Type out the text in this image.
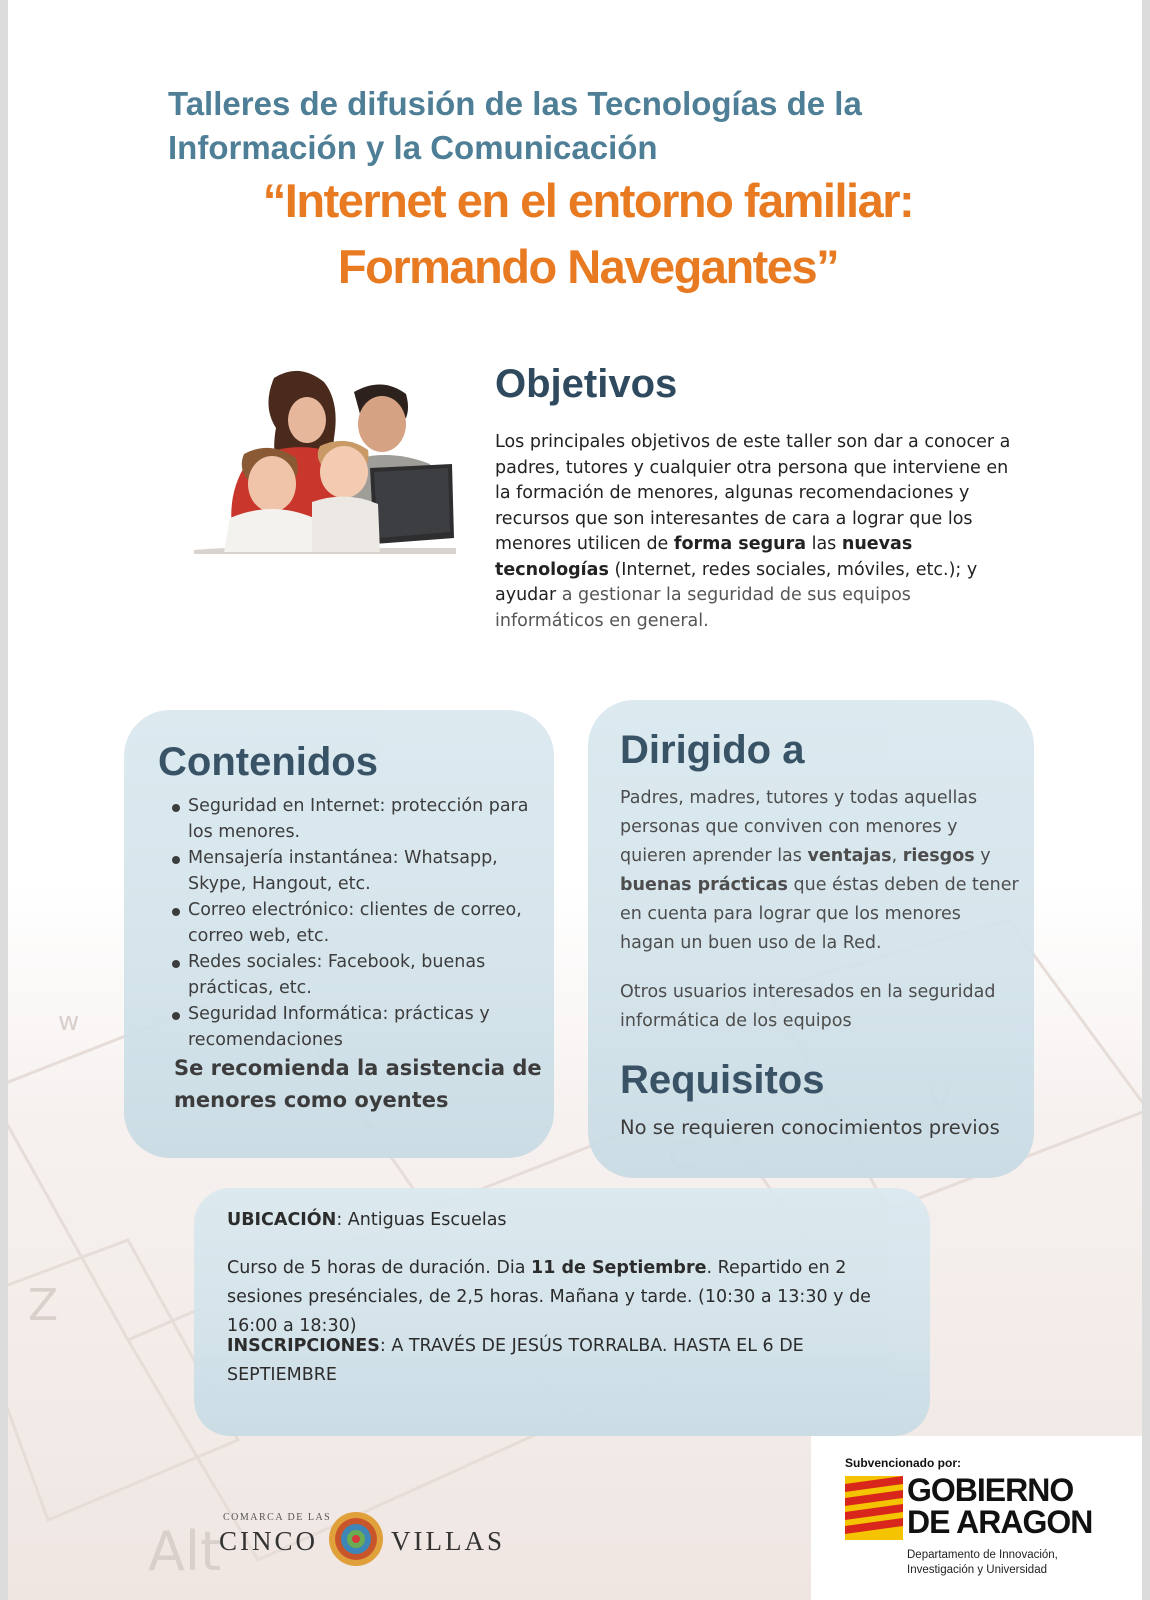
w
Z
Alt
Talleres de difusión de las Tecnologías de la
Información y la Comunicación
“Internet en el entorno familiar:
Formando Navegantes”
Objetivos
Los principales objetivos de este taller son dar a conocer a padres, tutores y cualquier otra persona que interviene en la formación de menores, algunas recomendaciones y recursos que son interesantes de cara a lograr que los menores utilicen de forma segura las nuevas tecnologías (Internet, redes sociales, móviles, etc.); y ayudar a gestionar la seguridad de sus equipos informáticos en general.
Contenidos
Seguridad en Internet: protección para los menores.
Mensajería instantánea: Whatsapp, Skype, Hangout, etc.
Correo electrónico: clientes de correo, correo web, etc.
Redes sociales: Facebook, buenas prácticas, etc.
Seguridad Informática: prácticas y recomendaciones
Se recomienda la asistencia de menores como oyentes
Dirigido a
Padres, madres, tutores y todas aquellas personas que conviven con menores y quieren aprender las ventajas, riesgos y buenas prácticas que éstas deben de tener en cuenta para lograr que los menores hagan un buen uso de la Red.
Otros usuarios interesados en la seguridad informática de los equipos
Requisitos
No se requieren conocimientos previos
UBICACIÓN: Antiguas Escuelas
Curso de 5 horas de duración. Dia 11 de Septiembre. Repartido en 2 sesiones presénciales, de 2,5 horas. Mañana y tarde. (10:30 a 13:30 y de 16:00 a 18:30)
INSCRIPCIONES: A TRAVÉS DE JESÚS TORRALBA. HASTA EL 6 DE SEPTIEMBRE
COMARCA DE LAS
CINCO	VILLAS
Subvencionado por:
GOBIERNO
DE ARAGON
Departamento de Innovación,
Investigación y Universidad
